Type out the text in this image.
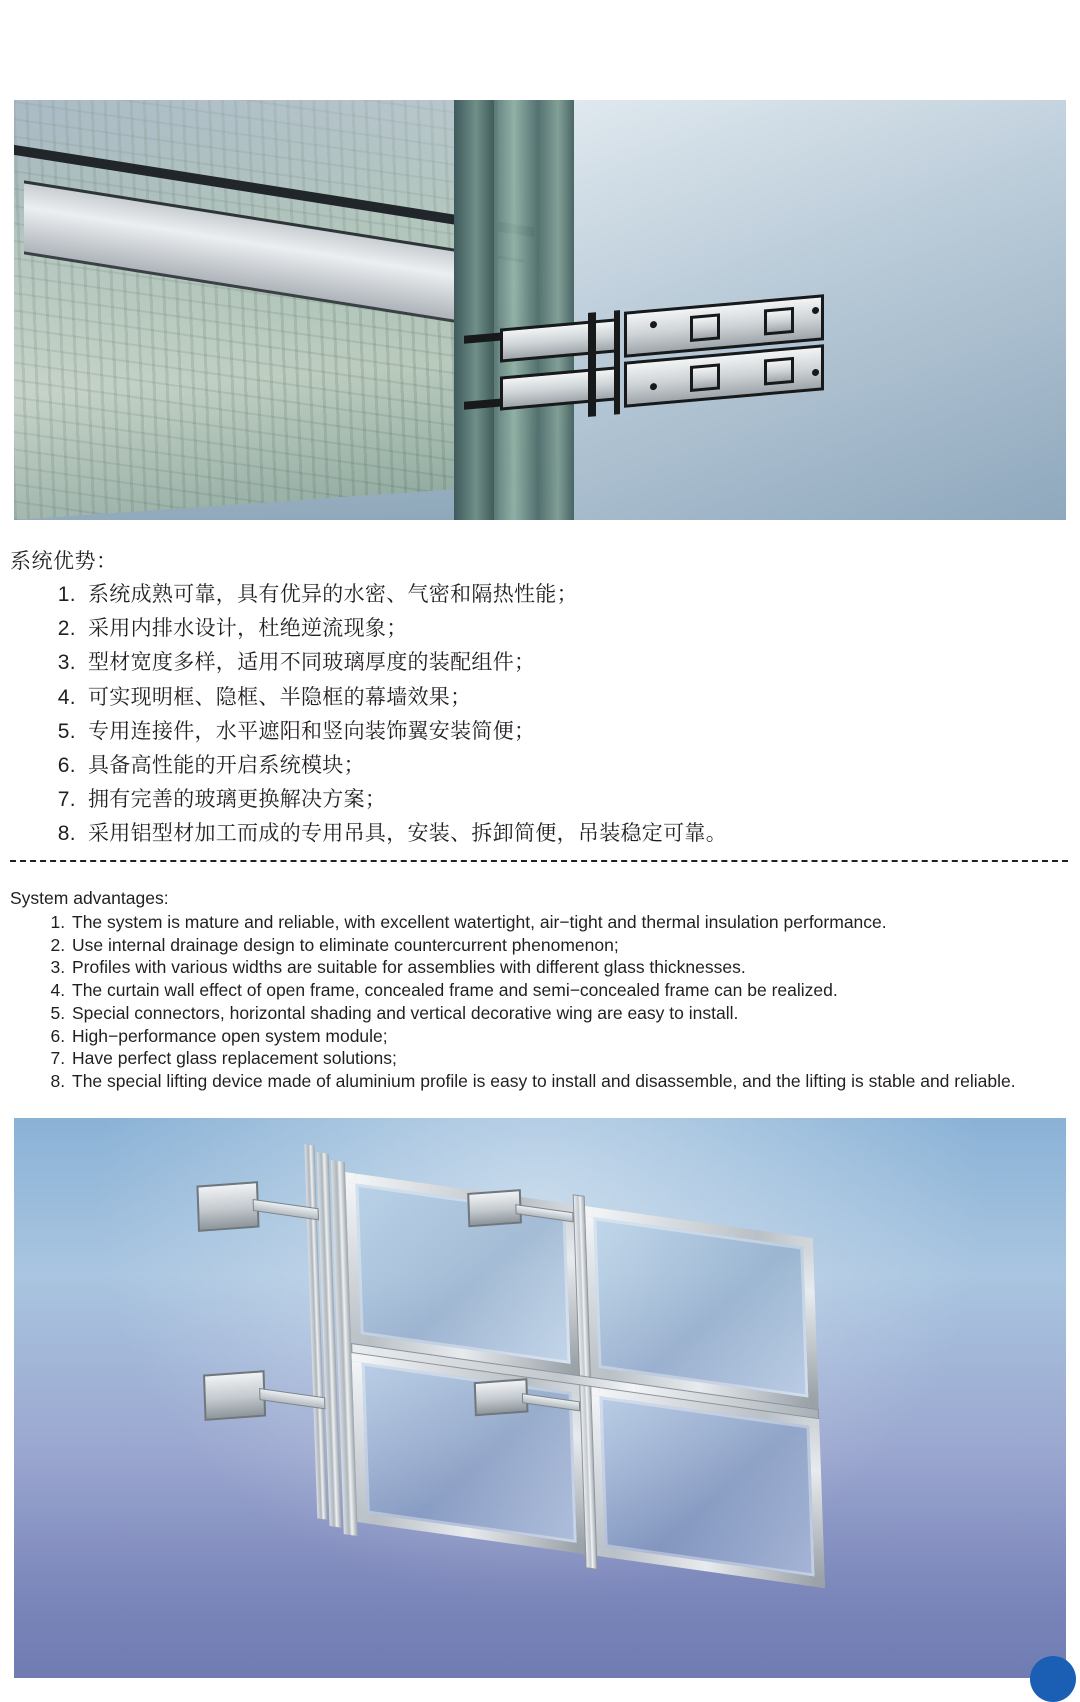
系统优势：
1. 系统成熟可靠，具有优异的水密、气密和隔热性能；
2. 采用内排水设计，杜绝逆流现象；
3. 型材宽度多样，适用不同玻璃厚度的装配组件；
4. 可实现明框、隐框、半隐框的幕墙效果；
5. 专用连接件，水平遮阳和竖向装饰翼安装简便；
6. 具备高性能的开启系统模块；
7. 拥有完善的玻璃更换解决方案；
8. 采用铝型材加工而成的专用吊具，安装、拆卸简便，吊装稳定可靠。
System advantages:
1. The system is mature and reliable, with excellent watertight, air−tight and thermal insulation performance.
2. Use internal drainage design to eliminate countercurrent phenomenon;
3. Profiles with various widths are suitable for assemblies with different glass thicknesses.
4. The curtain wall effect of open frame, concealed frame and semi−concealed frame can be realized.
5. Special connectors, horizontal shading and vertical decorative wing are easy to install.
6. High−performance open system module;
7. Have perfect glass replacement solutions;
8. The special lifting device made of aluminium profile is easy to install and disassemble, and the lifting is stable and reliable.
